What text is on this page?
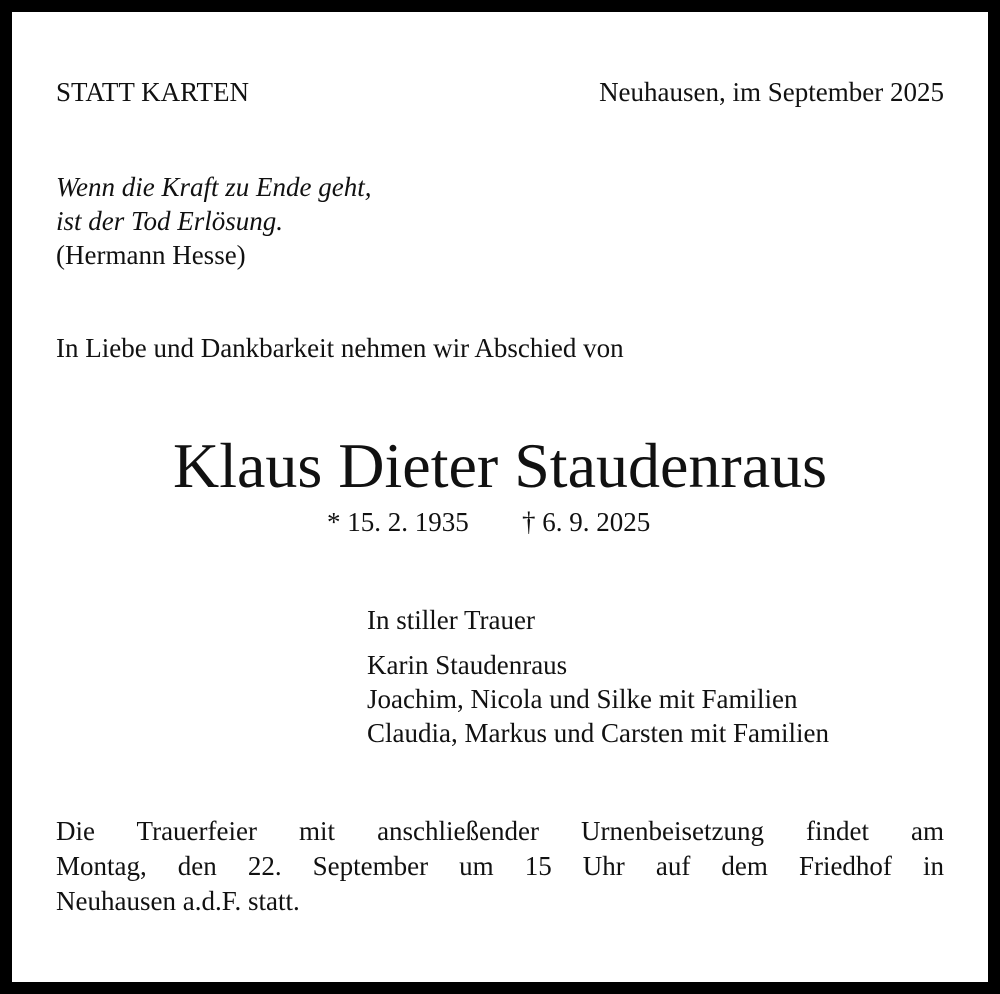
STATT KARTEN	Neuhausen, im September 2025
Wenn die Kraft zu Ende geht,
ist der Tod Erlösung.
(Hermann Hesse)
In Liebe und Dankbarkeit nehmen wir Abschied von
Klaus Dieter Staudenraus
* 15. 2. 1935 † 6. 9. 2025
In stiller Trauer
Karin Staudenraus
Joachim, Nicola und Silke mit Familien
Claudia, Markus und Carsten mit Familien
Die Trauerfeier mit anschließender Urnenbeisetzung findet am
Montag, den 22. September um 15 Uhr auf dem Friedhof in
Neuhausen a.d.F. statt.
